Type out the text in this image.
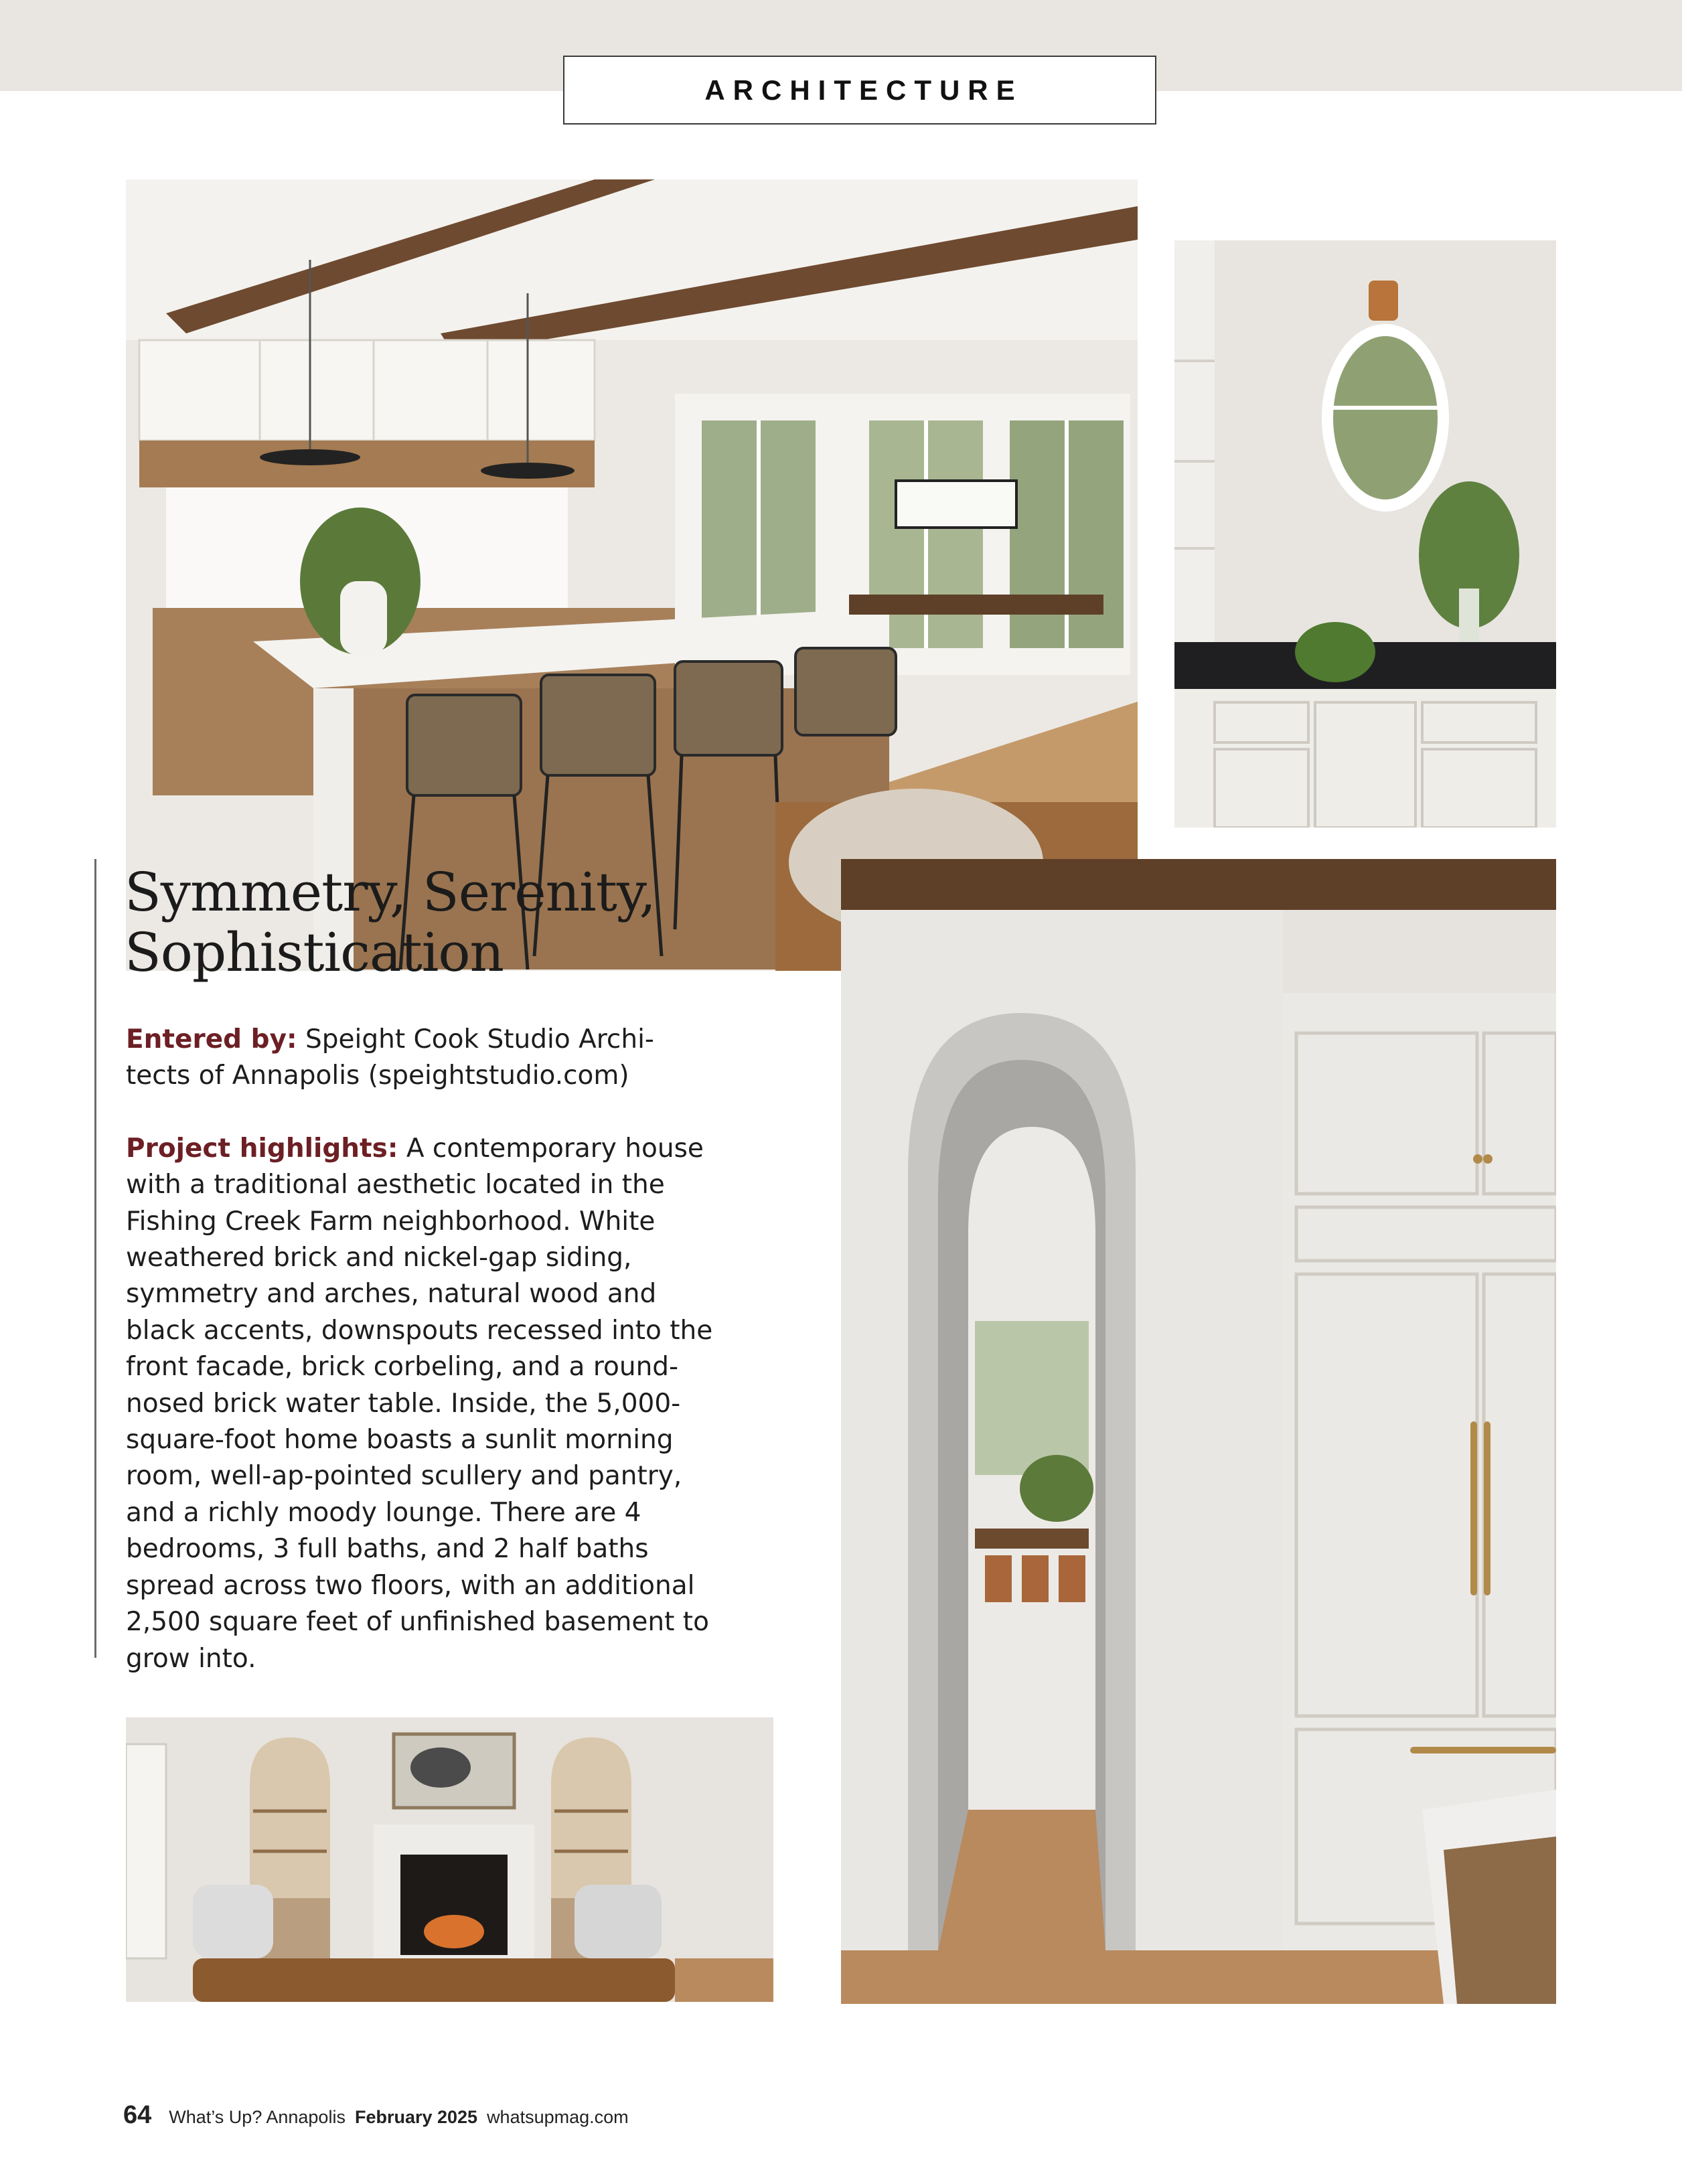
ARCHITECTURE
Symmetry, Serenity,
Sophistication

Entered by: Speight Cook Studio Archi-tects of Annapolis (speightstudio.com)

Project highlights: A contemporary house with a traditional aesthetic located in the Fishing Creek Farm neighborhood. White weathered brick and nickel-gap siding, symmetry and arches, natural wood and black accents, downspouts recessed into the front facade, brick corbeling, and a round-nosed brick water table. Inside, the 5,000-square-foot home boasts a sunlit morning room, well-ap-pointed scullery and pantry, and a richly moody lounge. There are 4 bedrooms, 3 full baths, and 2 half baths spread across two floors, with an additional 2,500 square feet of unfinished basement to grow into.

64 What’s Up? Annapolis February 2025 whatsupmag.com
